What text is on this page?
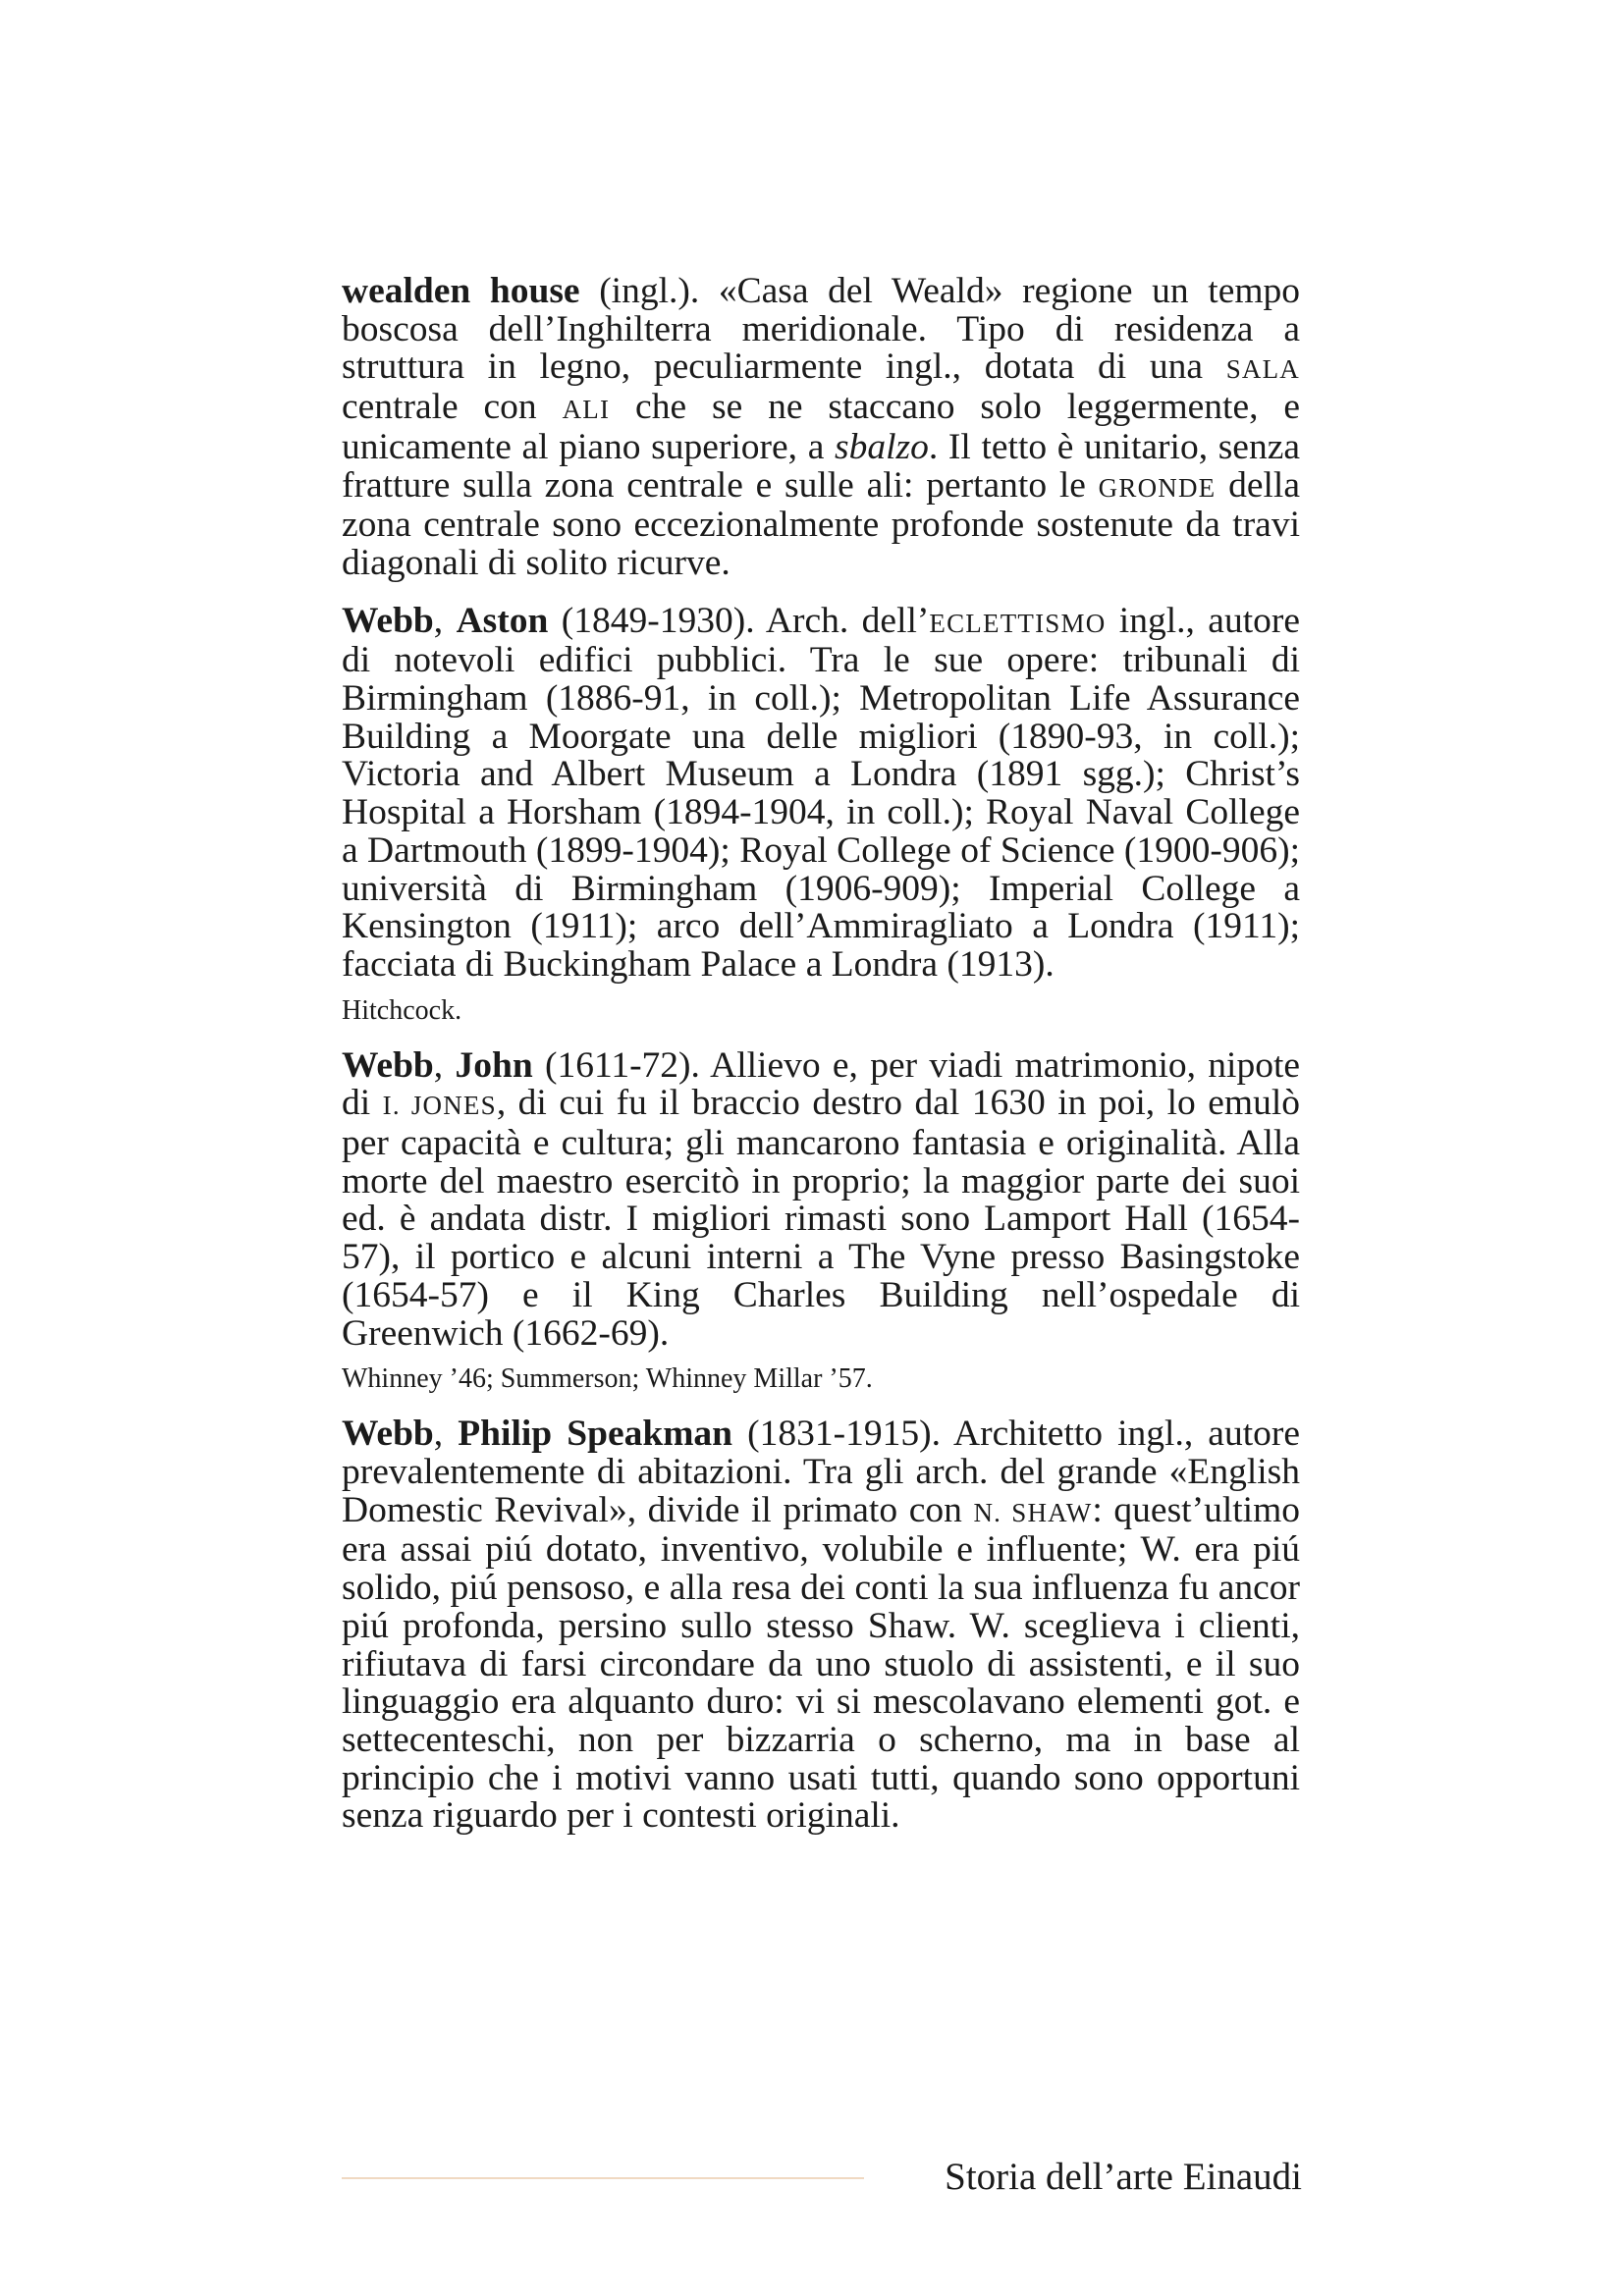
wealden house (ingl.). «Casa del Weald» regione un tempo boscosa dell’Inghilterra meridionale. Tipo di residenza a struttura in legno, peculiarmente ingl., dotata di una SALA centrale con ALI che se ne staccano solo leggermente, e unicamente al piano superiore, a sbalzo. Il tetto è unitario, senza fratture sulla zona centrale e sulle ali: pertanto le GRONDE della zona centrale sono eccezionalmente profonde sostenute da travi diagonali di solito ricurve.

Webb, Aston (1849-1930). Arch. dell’ECLETTISMO ingl., autore di notevoli edifici pubblici. Tra le sue opere: tribunali di Birmingham (1886-91, in coll.); Metropolitan Life Assurance Building a Moorgate una delle migliori (1890-93, in coll.); Victoria and Albert Museum a Londra (1891 sgg.); Christ’s Hospital a Horsham (1894-1904, in coll.); Royal Naval College a Dartmouth (1899-1904); Royal College of Science (1900-906); università di Birmingham (1906-909); Imperial College a Kensington (1911); arco dell’Ammiragliato a Londra (1911); facciata di Buckingham Palace a Londra (1913).

Hitchcock.

Webb, John (1611-72). Allievo e, per viadi matrimonio, nipote di I. JONES, di cui fu il braccio destro dal 1630 in poi, lo emulò per capacità e cultura; gli mancarono fantasia e originalità. Alla morte del maestro esercitò in proprio; la maggior parte dei suoi ed. è andata distr. I migliori rimasti sono Lamport Hall (1654-57), il portico e alcuni interni a The Vyne presso Basingstoke (1654-57) e il King Charles Building nell’ospedale di Greenwich (1662-69).

Whinney ’46; Summerson; Whinney Millar ’57.

Webb, Philip Speakman (1831-1915). Architetto ingl., autore prevalentemente di abitazioni. Tra gli arch. del grande «English Domestic Revival», divide il primato con N. SHAW: quest’ultimo era assai piú dotato, inventivo, volubile e influente; W. era piú solido, piú pensoso, e alla resa dei conti la sua influenza fu ancor piú profonda, persino sullo stesso Shaw. W. sceglieva i clienti, rifiutava di farsi circondare da uno stuolo di assistenti, e il suo linguaggio era alquanto duro: vi si mescolavano elementi got. e settecenteschi, non per bizzarria o scherno, ma in base al principio che i motivi vanno usati tutti, quando sono opportuni senza riguardo per i contesti originali.

Storia dell’arte Einaudi
